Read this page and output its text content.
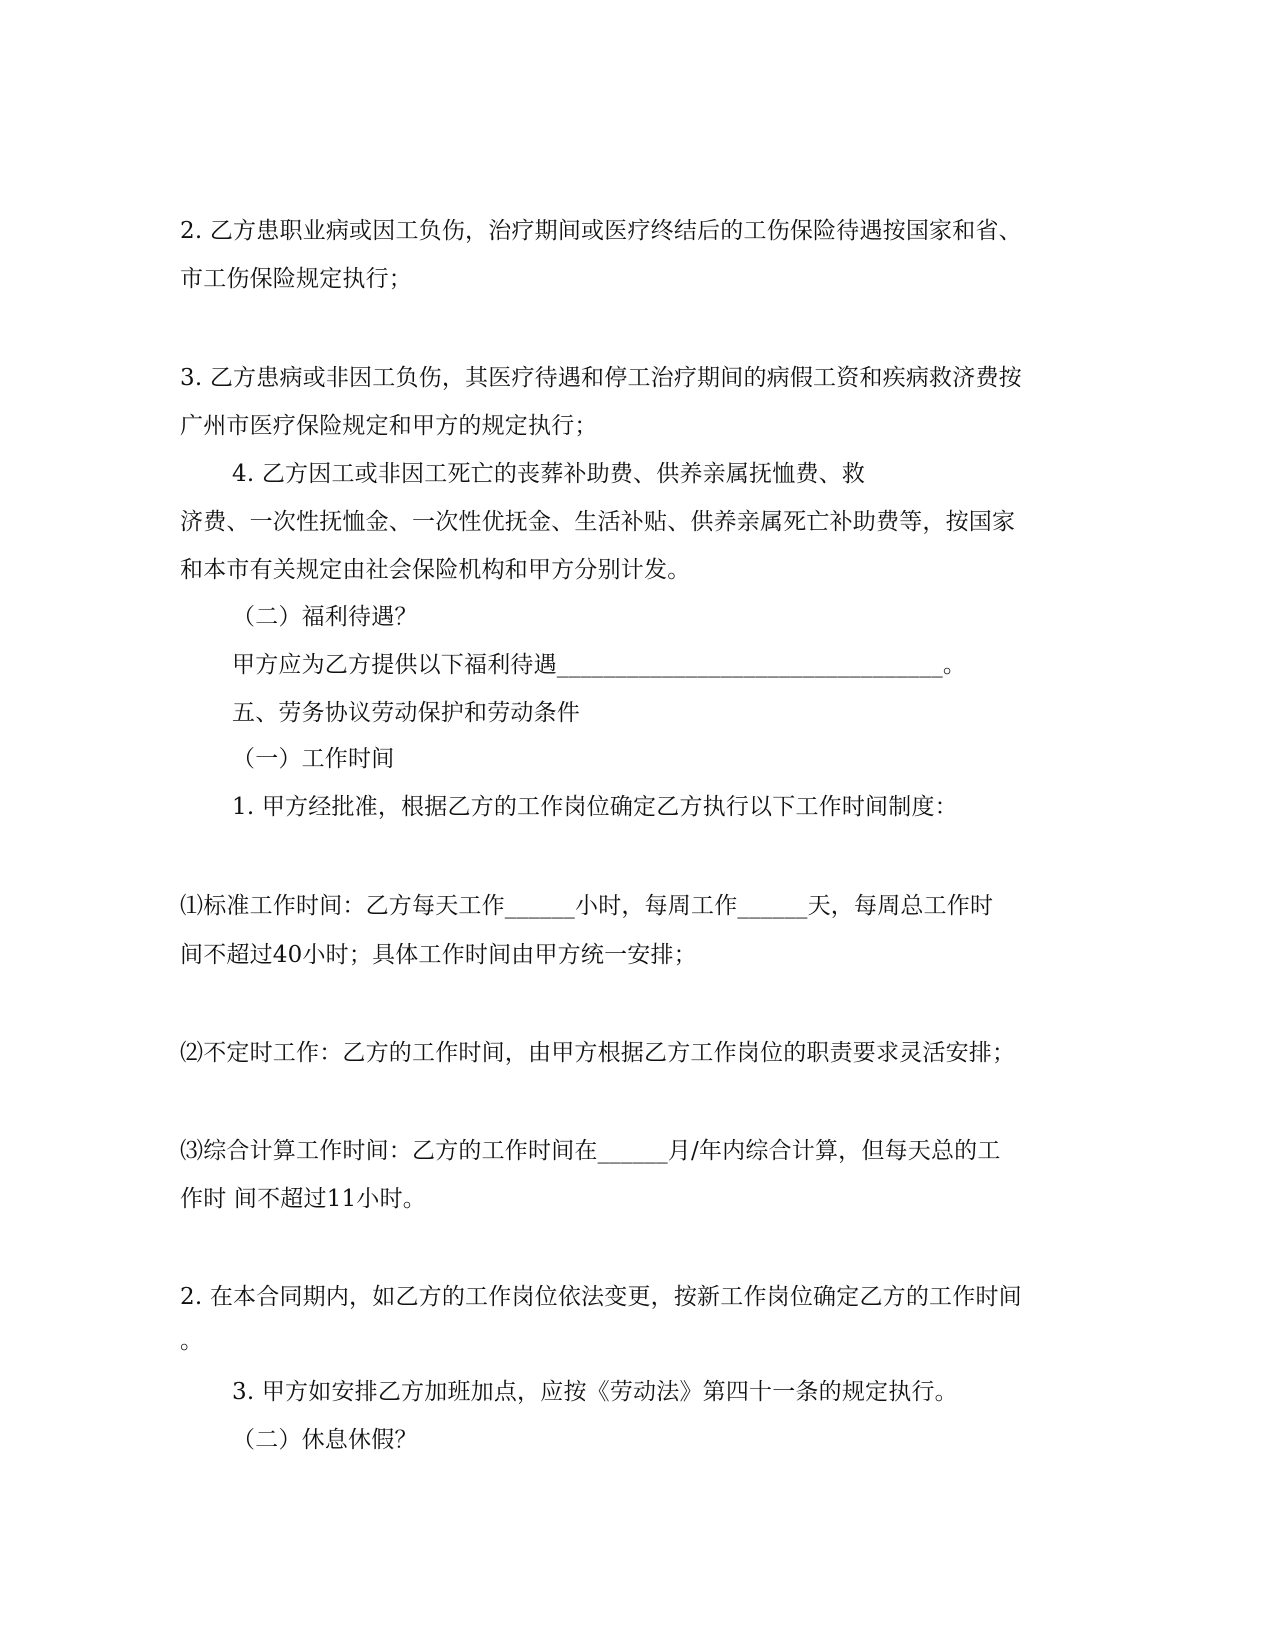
2. 乙方患职业病或因工负伤，治疗期间或医疗终结后的工伤保险待遇按国家和省、
市工伤保险规定执行；
3. 乙方患病或非因工负伤，其医疗待遇和停工治疗期间的病假工资和疾病救济费按
广州市医疗保险规定和甲方的规定执行；
4. 乙方因工或非因工死亡的丧葬补助费、供养亲属抚恤费、救
济费、一次性抚恤金、一次性优抚金、生活补贴、供养亲属死亡补助费等，按国家
和本市有关规定由社会保险机构和甲方分别计发。
（二）福利待遇？
甲方应为乙方提供以下福利待遇_________________________________。
五、劳务协议劳动保护和劳动条件
（一）工作时间
1. 甲方经批准，根据乙方的工作岗位确定乙方执行以下工作时间制度：
⑴标准工作时间：乙方每天工作______小时，每周工作______天，每周总工作时
间不超过40小时；具体工作时间由甲方统一安排；
⑵不定时工作：乙方的工作时间，由甲方根据乙方工作岗位的职责要求灵活安排；
⑶综合计算工作时间：乙方的工作时间在______月/年内综合计算，但每天总的工
作时 间不超过11小时。
2. 在本合同期内，如乙方的工作岗位依法变更，按新工作岗位确定乙方的工作时间
。
3. 甲方如安排乙方加班加点，应按《劳动法》第四十一条的规定执行。
（二）休息休假？
